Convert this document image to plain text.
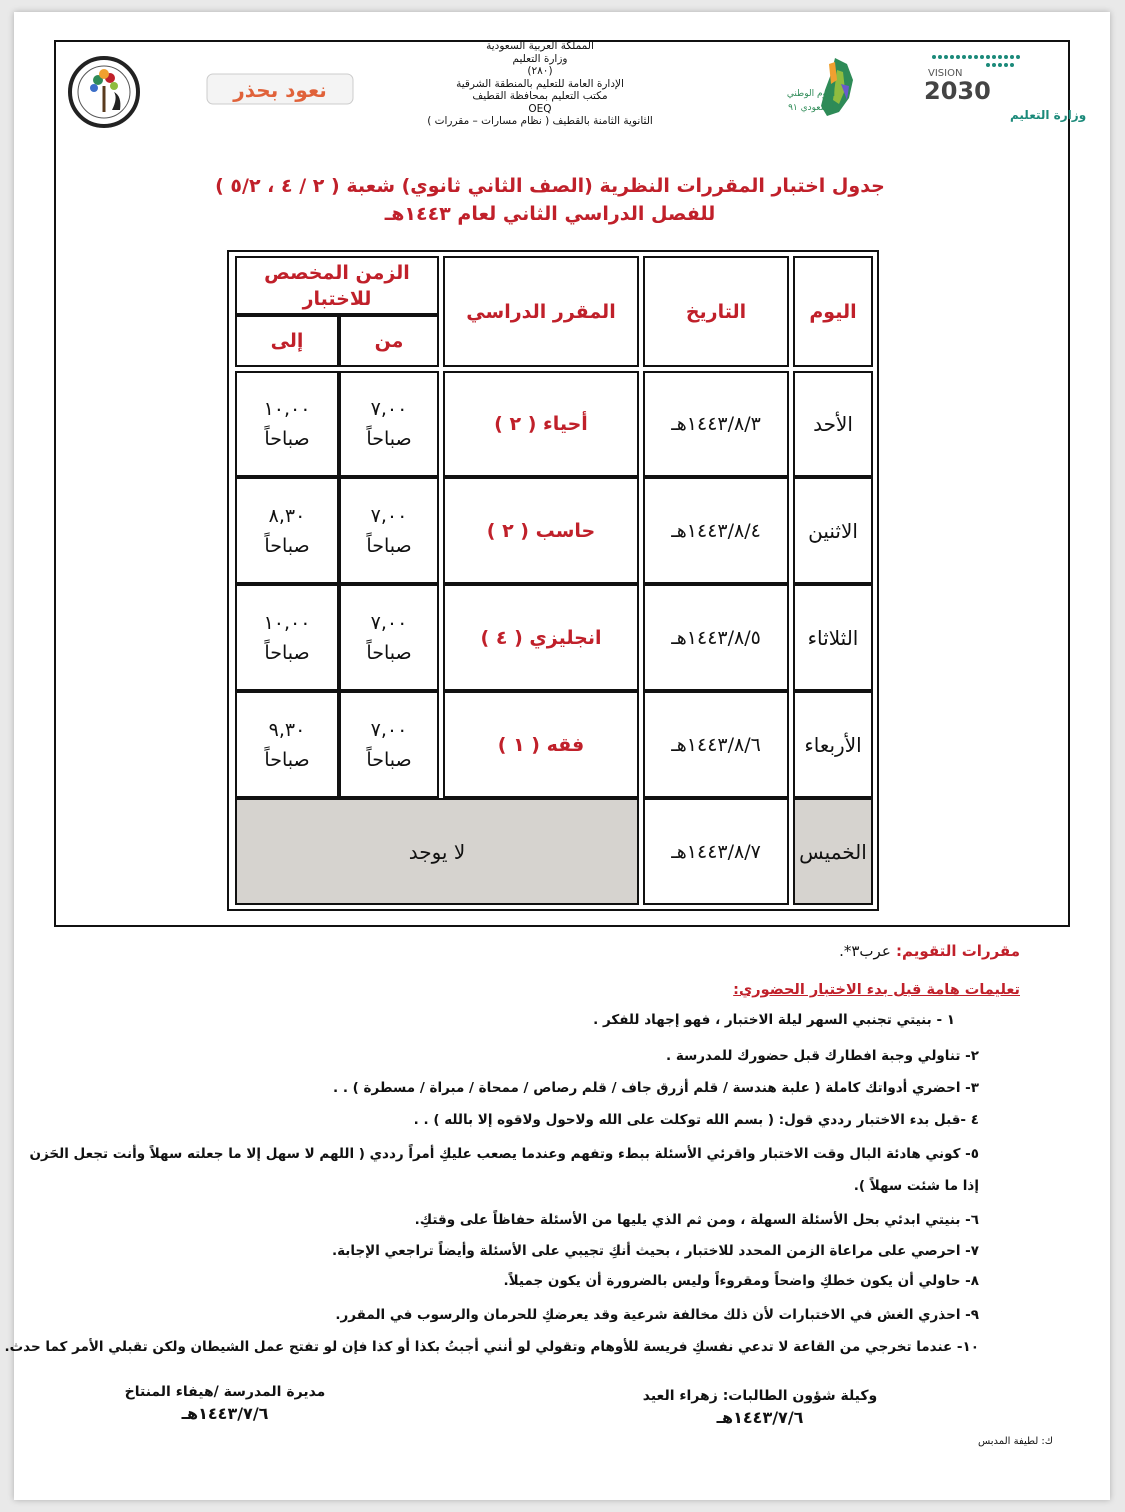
المملكة العربية السعودية
وزارة التعليم
(٢٨٠)
الإدارة العامة للتعليم بالمنطقة الشرقية
مكتب التعليم بمحافظة القطيف
OEQ
الثانوية الثامنة بالقطيف ( نظام مسارات – مقررات )
VISION
2030
وزارة التعليم
اليوم الوطني
السعودي ٩١
نعود بحذر
جدول اختبار المقررات النظرية (الصف الثاني ثانوي) شعبة ( ٢ / ٤ ، ٥/٢ )
للفصل الدراسي الثاني لعام ١٤٤٣هـ
اليوم
التاريخ
المقرر الدراسي
الزمن المخصص للاختبار
من
إلى
الأحد
١٤٤٣/٨/٣هـ
أحياء ( ٢ )
٧,٠٠
صباحاً
١٠,٠٠
صباحاً
الاثنين
١٤٤٣/٨/٤هـ
حاسب ( ٢ )
٧,٠٠
صباحاً
٨,٣٠
صباحاً
الثلاثاء
١٤٤٣/٨/٥هـ
انجليزي ( ٤ )
٧,٠٠
صباحاً
١٠,٠٠
صباحاً
الأربعاء
١٤٤٣/٨/٦هـ
فقه ( ١ )
٧,٠٠
صباحاً
٩,٣٠
صباحاً
الخميس
١٤٤٣/٨/٧هـ
لا يوجد
مقررات التقويم: عرب٣*.
تعليمات هامة قبل بدء الاختبار الحضوري:
١ - بنيتي تجنبي السهر ليلة الاختبار ، فهو إجهاد للفكر .
٢- تناولي وجبة افطارك قبل حضورك للمدرسة .
٣- احضري أدواتك كاملة ( علبة هندسة / قلم أزرق جاف / قلم رصاص / ممحاة / مبراة / مسطرة ) . .
٤ -قبل بدء الاختبار رددي قول: ( بسم الله توكلت على الله ولاحول ولاقوه إلا بالله ) . .
٥- كوني هادئة البال وقت الاختبار واقرئي الأسئلة ببطء وتفهم وعندما يصعب عليكِ أمراً رددي ( اللهم لا سهل إلا ما جعلته سهلاً وأنت تجعل الحَزن
إذا ما شئت سهلاً ).
٦- بنيتي ابدئي بحل الأسئلة السهلة ، ومن ثم الذي يليها من الأسئلة حفاظاً على وقتكِ.
٧- احرصي على مراعاة الزمن المحدد للاختبار ، بحيث أنكِ تجيبي على الأسئلة وأيضاً تراجعي الإجابة.
٨- حاولي أن يكون خطكِ واضحاً ومقروءاً وليس بالضرورة أن يكون جميلاً.
٩- احذري الغش في الاختبارات لأن ذلك مخالفة شرعية وقد يعرضكِ للحرمان والرسوب في المقرر.
١٠- عندما تخرجي من القاعة لا تدعي نفسكِ فريسة للأوهام وتقولي لو أنني أجبتُ بكذا أو كذا فإن لو تفتح عمل الشيطان ولكن تقبلي الأمر كما حدث.
وكيلة شؤون الطالبات: زهراء العيد
١٤٤٣/٧/٦هـ
مديرة المدرسة /هيفاء المنتاخ
١٤٤٣/٧/٦هـ
ك: لطيفة المدبس
